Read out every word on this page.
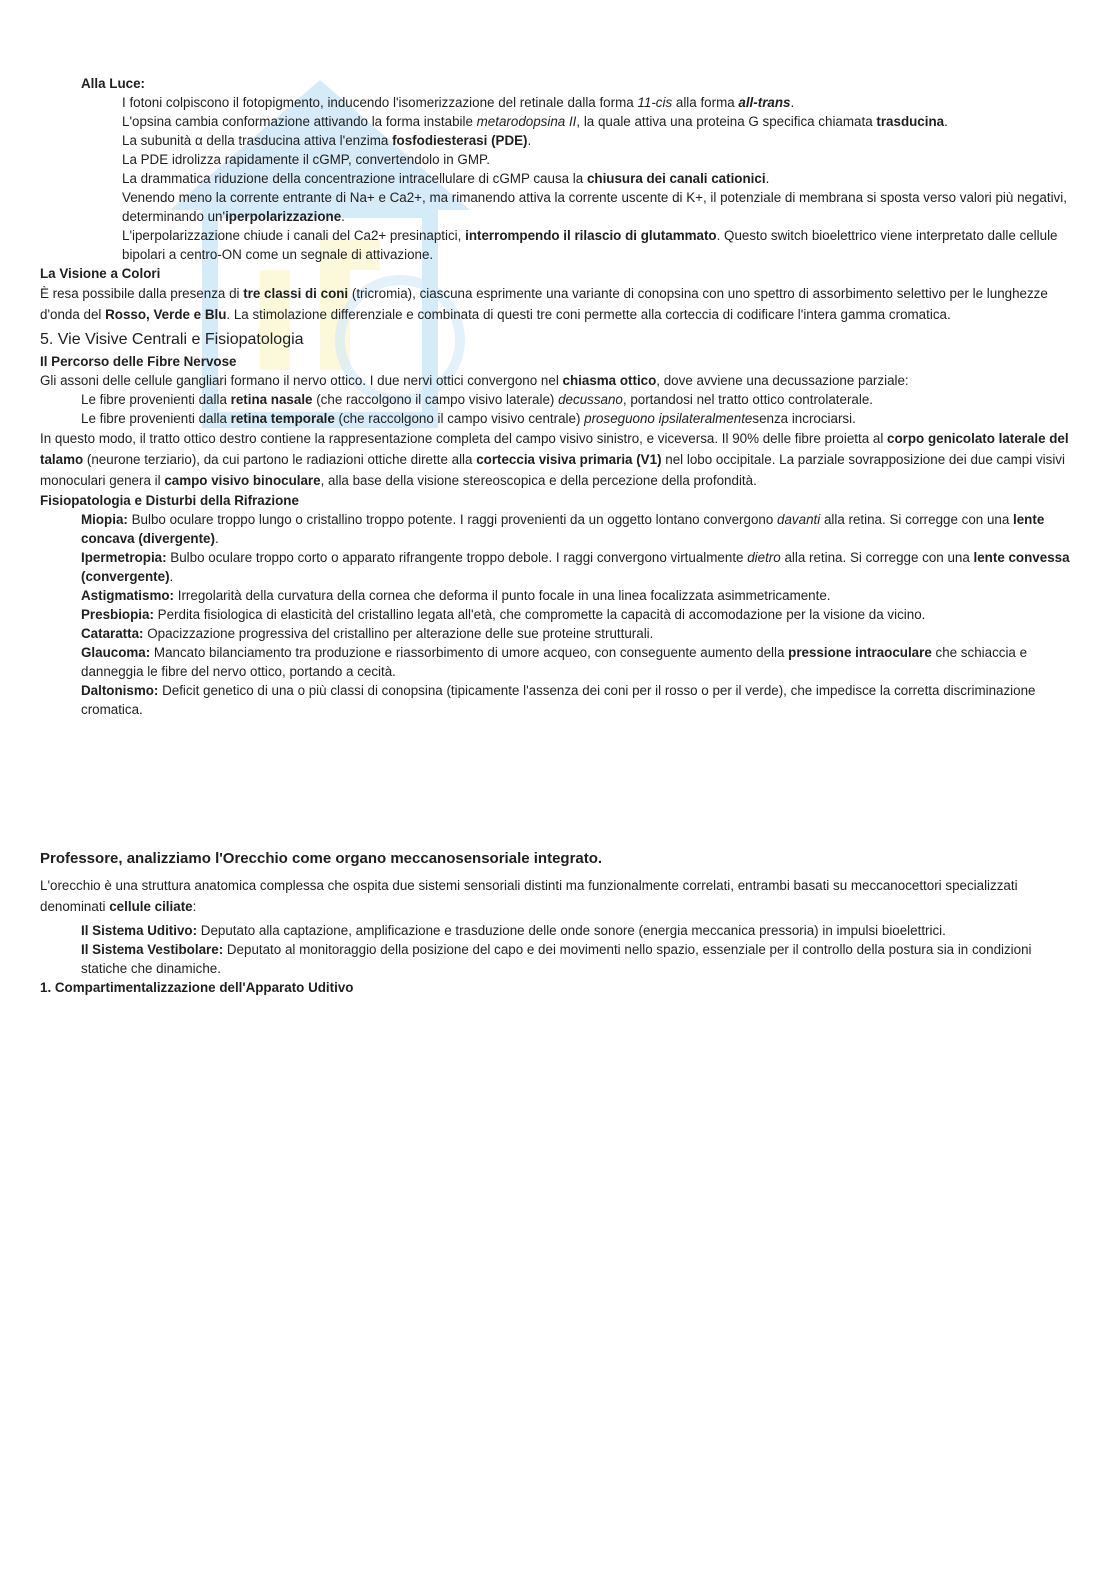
Alla Luce:
I fotoni colpiscono il fotopigmento, inducendo l'isomerizzazione del retinale dalla forma 11-cis alla forma all-trans.
L'opsina cambia conformazione attivando la forma instabile metarodopsina II, la quale attiva una proteina G specifica chiamata trasducina.
La subunità α della trasducina attiva l'enzima fosfodiesterasi (PDE).
La PDE idrolizza rapidamente il cGMP, convertendolo in GMP.
La drammatica riduzione della concentrazione intracellulare di cGMP causa la chiusura dei canali cationici.
Venendo meno la corrente entrante di Na+ e Ca2+, ma rimanendo attiva la corrente uscente di K+, il potenziale di membrana si sposta verso valori più negativi, determinando un'iperpolarizzazione.
L'iperpolarizzazione chiude i canali del Ca2+ presinaptici, interrompendo il rilascio di glutammato. Questo switch bioelettrico viene interpretato dalle cellule bipolari a centro-ON come un segnale di attivazione.
La Visione a Colori
È resa possibile dalla presenza di tre classi di coni (tricromia), ciascuna esprimente una variante di conopsina con uno spettro di assorbimento selettivo per le lunghezze d'onda del Rosso, Verde e Blu. La stimolazione differenziale e combinata di questi tre coni permette alla corteccia di codificare l'intera gamma cromatica.
5. Vie Visive Centrali e Fisiopatologia
Il Percorso delle Fibre Nervose
Gli assoni delle cellule gangliari formano il nervo ottico. I due nervi ottici convergono nel chiasma ottico, dove avviene una decussazione parziale:
Le fibre provenienti dalla retina nasale (che raccolgono il campo visivo laterale) decussano, portandosi nel tratto ottico controlaterale.
Le fibre provenienti dalla retina temporale (che raccolgono il campo visivo centrale) proseguono ipsilateralmentesenza incrociarsi.
In questo modo, il tratto ottico destro contiene la rappresentazione completa del campo visivo sinistro, e viceversa. Il 90% delle fibre proietta al corpo genicolato laterale del talamo (neurone terziario), da cui partono le radiazioni ottiche dirette alla corteccia visiva primaria (V1) nel lobo occipitale. La parziale sovrapposizione dei due campi visivi monoculari genera il campo visivo binoculare, alla base della visione stereoscopica e della percezione della profondità.
Fisiopatologia e Disturbi della Rifrazione
Miopia: Bulbo oculare troppo lungo o cristallino troppo potente. I raggi provenienti da un oggetto lontano convergono davanti alla retina. Si corregge con una lente concava (divergente).
Ipermetropia: Bulbo oculare troppo corto o apparato rifrangente troppo debole. I raggi convergono virtualmente dietro alla retina. Si corregge con una lente convessa (convergente).
Astigmatismo: Irregolarità della curvatura della cornea che deforma il punto focale in una linea focalizzata asimmetricamente.
Presbiopia: Perdita fisiologica di elasticità del cristallino legata all'età, che compromette la capacità di accomodazione per la visione da vicino.
Cataratta: Opacizzazione progressiva del cristallino per alterazione delle sue proteine strutturali.
Glaucoma: Mancato bilanciamento tra produzione e riassorbimento di umore acqueo, con conseguente aumento della pressione intraoculare che schiaccia e danneggia le fibre del nervo ottico, portando a cecità.
Daltonismo: Deficit genetico di una o più classi di conopsina (tipicamente l'assenza dei coni per il rosso o per il verde), che impedisce la corretta discriminazione cromatica.
Professore, analizziamo l'Orecchio come organo meccanosensoriale integrato.
L'orecchio è una struttura anatomica complessa che ospita due sistemi sensoriali distinti ma funzionalmente correlati, entrambi basati su meccanocettori specializzati denominati cellule ciliate:
Il Sistema Uditivo: Deputato alla captazione, amplificazione e trasduzione delle onde sonore (energia meccanica pressoria) in impulsi bioelettrici.
Il Sistema Vestibolare: Deputato al monitoraggio della posizione del capo e dei movimenti nello spazio, essenziale per il controllo della postura sia in condizioni statiche che dinamiche.
1. Compartimentalizzazione dell'Apparato Uditivo
